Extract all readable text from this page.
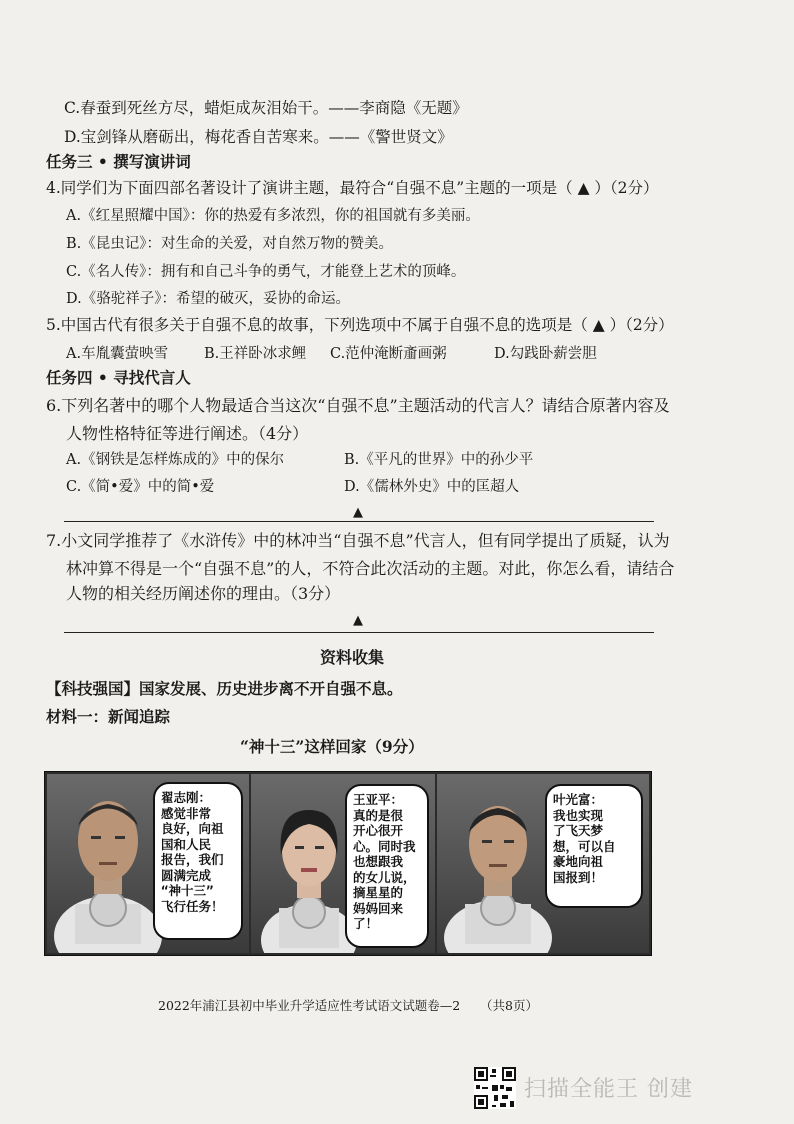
C.春蚕到死丝方尽，蜡炬成灰泪始干。——李商隐《无题》
D.宝剑锋从磨砺出，梅花香自苦寒来。——《警世贤文》
任务三 • 撰写演讲词
4.同学们为下面四部名著设计了演讲主题，最符合“自强不息”主题的一项是（ ▲ ）（2分）
A.《红星照耀中国》：你的热爱有多浓烈，你的祖国就有多美丽。
B.《昆虫记》：对生命的关爱，对自然万物的赞美。
C.《名人传》：拥有和自己斗争的勇气，才能登上艺术的顶峰。
D.《骆驼祥子》：希望的破灭，妥协的命运。
5.中国古代有很多关于自强不息的故事，下列选项中不属于自强不息的选项是（ ▲ ）（2分）
A.车胤囊萤映雪 B.王祥卧冰求鲤 C.范仲淹断齑画粥	D.勾践卧薪尝胆
任务四 • 寻找代言人
6.下列名著中的哪个人物最适合当这次“自强不息”主题活动的代言人？请结合原著内容及
人物性格特征等进行阐述。（4分）
A.《钢铁是怎样炼成的》中的保尔	B.《平凡的世界》中的孙少平
C.《简•爱》中的简•爱	D.《儒林外史》中的匡超人
▲
7.小文同学推荐了《水浒传》中的林冲当“自强不息”代言人，但有同学提出了质疑，认为
林冲算不得是一个“自强不息”的人，不符合此次活动的主题。对此，你怎么看，请结合
人物的相关经历阐述你的理由。（3分）
▲
资料收集
【科技强国】国家发展、历史进步离不开自强不息。
材料一：新闻追踪
“神十三”这样回家（9分）
翟志刚：
感觉非常
良好，向祖
国和人民
报告，我们
圆满完成
“神十三”
飞行任务！
王亚平：
真的是很
开心很开
心。同时我
也想跟我
的女儿说，
摘星星的
妈妈回来
了！
叶光富：
我也实现
了飞天梦
想，可以自
豪地向祖
国报到！
2022年浦江县初中毕业升学适应性考试语文试题卷—2 （共8页）
扫描全能王 创建
